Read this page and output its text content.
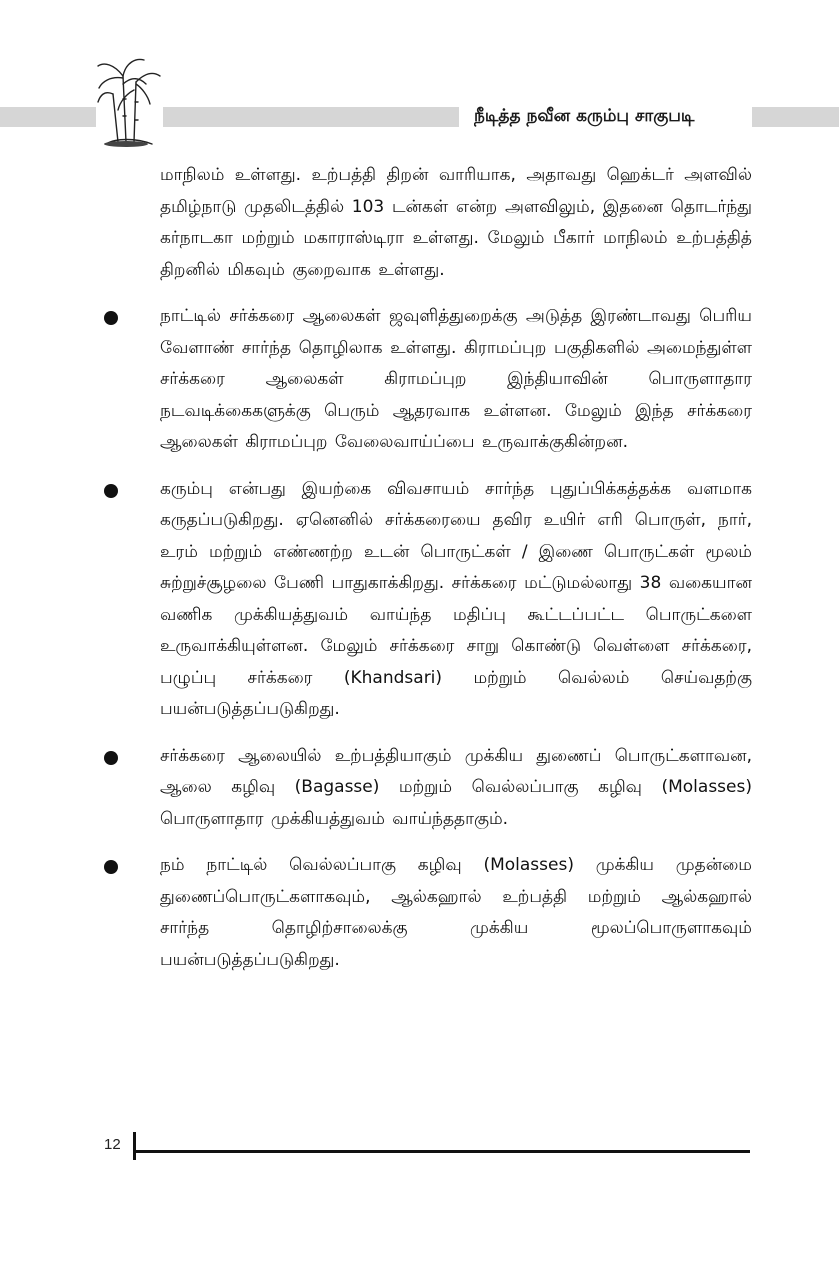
நீடித்த நவீன கரும்பு சாகுபடி

மாநிலம் உள்ளது. உற்பத்தி திறன் வாரியாக, அதாவது ஹெக்டர் அளவில் தமிழ்நாடு முதலிடத்தில் 103 டன்கள் என்ற அளவிலும், இதனை தொடர்ந்து கர்நாடகா மற்றும் மகாராஸ்டிரா உள்ளது. மேலும் பீகார் மாநிலம் உற்பத்தித் திறனில் மிகவும் குறைவாக உள்ளது.

நாட்டில் சர்க்கரை ஆலைகள் ஜவுளித்துறைக்கு அடுத்த இரண்டாவது பெரிய வேளாண் சார்ந்த தொழிலாக உள்ளது. கிராமப்புற பகுதிகளில் அமைந்துள்ள சர்க்கரை ஆலைகள் கிராமப்புற இந்தியாவின் பொருளாதார நடவடிக்கைகளுக்கு பெரும் ஆதரவாக உள்ளன. மேலும் இந்த சர்க்கரை ஆலைகள் கிராமப்புற வேலைவாய்ப்பை உருவாக்குகின்றன.

கரும்பு என்பது இயற்கை விவசாயம் சார்ந்த புதுப்பிக்கத்தக்க வளமாக கருதப்படுகிறது. ஏனெனில் சர்க்கரையை தவிர உயிர் எரி பொருள், நார், உரம் மற்றும் எண்ணற்ற உடன் பொருட்கள் / இணை பொருட்கள் மூலம் சுற்றுச்சூழலை பேணி பாதுகாக்கிறது. சர்க்கரை மட்டுமல்லாது 38 வகையான வணிக முக்கியத்துவம் வாய்ந்த மதிப்பு கூட்டப்பட்ட பொருட்களை உருவாக்கியுள்ளன. மேலும் சர்க்கரை சாறு கொண்டு வெள்ளை சர்க்கரை, பழுப்பு சர்க்கரை (Khandsari) மற்றும் வெல்லம் செய்வதற்கு பயன்படுத்தப்படுகிறது.

சர்க்கரை ஆலையில் உற்பத்தியாகும் முக்கிய துணைப் பொருட்களாவன, ஆலை கழிவு (Bagasse) மற்றும் வெல்லப்பாகு கழிவு (Molasses) பொருளாதார முக்கியத்துவம் வாய்ந்ததாகும்.

நம் நாட்டில் வெல்லப்பாகு கழிவு (Molasses) முக்கிய முதன்மை துணைப்பொருட்களாகவும், ஆல்கஹால் உற்பத்தி மற்றும் ஆல்கஹால் சார்ந்த தொழிற்சாலைக்கு முக்கிய மூலப்பொருளாகவும் பயன்படுத்தப்படுகிறது.

12
